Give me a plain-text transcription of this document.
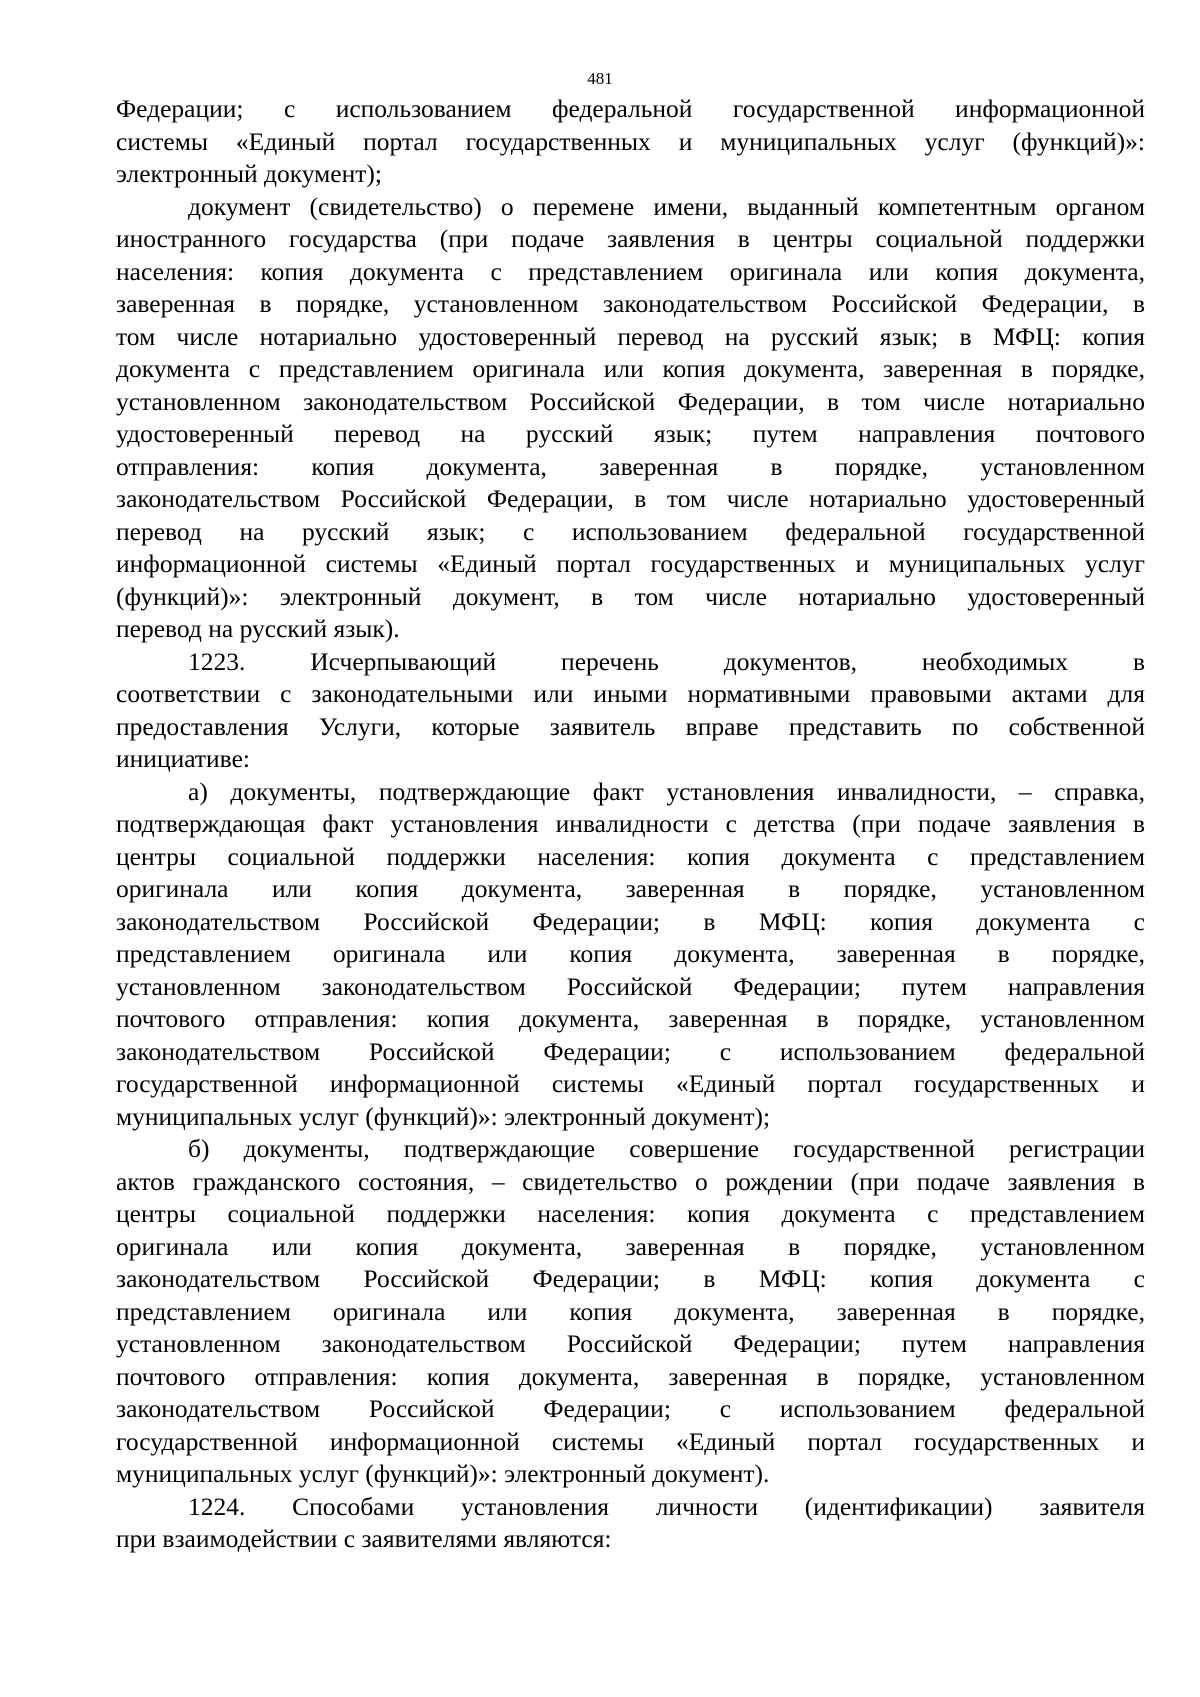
481
Федерации; с использованием федеральной государственной информационной
системы «Единый портал государственных и муниципальных услуг (функций)»:
электронный документ);
документ (свидетельство) о перемене имени, выданный компетентным органом
иностранного государства (при подаче заявления в центры социальной поддержки
населения: копия документа с представлением оригинала или копия документа,
заверенная в порядке, установленном законодательством Российской Федерации, в
том числе нотариально удостоверенный перевод на русский язык; в МФЦ: копия
документа с представлением оригинала или копия документа, заверенная в порядке,
установленном законодательством Российской Федерации, в том числе нотариально
удостоверенный перевод на русский язык; путем направления почтового
отправления: копия документа, заверенная в порядке, установленном
законодательством Российской Федерации, в том числе нотариально удостоверенный
перевод на русский язык; с использованием федеральной государственной
информационной системы «Единый портал государственных и муниципальных услуг
(функций)»: электронный документ, в том числе нотариально удостоверенный
перевод на русский язык).
1223. Исчерпывающий перечень документов, необходимых в
соответствии с законодательными или иными нормативными правовыми актами для
предоставления Услуги, которые заявитель вправе представить по собственной
инициативе:
а) документы, подтверждающие факт установления инвалидности, – справка,
подтверждающая факт установления инвалидности с детства (при подаче заявления в
центры социальной поддержки населения: копия документа с представлением
оригинала или копия документа, заверенная в порядке, установленном
законодательством Российской Федерации; в МФЦ: копия документа с
представлением оригинала или копия документа, заверенная в порядке,
установленном законодательством Российской Федерации; путем направления
почтового отправления: копия документа, заверенная в порядке, установленном
законодательством Российской Федерации; с использованием федеральной
государственной информационной системы «Единый портал государственных и
муниципальных услуг (функций)»: электронный документ);
б) документы, подтверждающие совершение государственной регистрации
актов гражданского состояния, – свидетельство о рождении (при подаче заявления в
центры социальной поддержки населения: копия документа с представлением
оригинала или копия документа, заверенная в порядке, установленном
законодательством Российской Федерации; в МФЦ: копия документа с
представлением оригинала или копия документа, заверенная в порядке,
установленном законодательством Российской Федерации; путем направления
почтового отправления: копия документа, заверенная в порядке, установленном
законодательством Российской Федерации; с использованием федеральной
государственной информационной системы «Единый портал государственных и
муниципальных услуг (функций)»: электронный документ).
1224. Способами установления личности (идентификации) заявителя
при взаимодействии с заявителями являются:
